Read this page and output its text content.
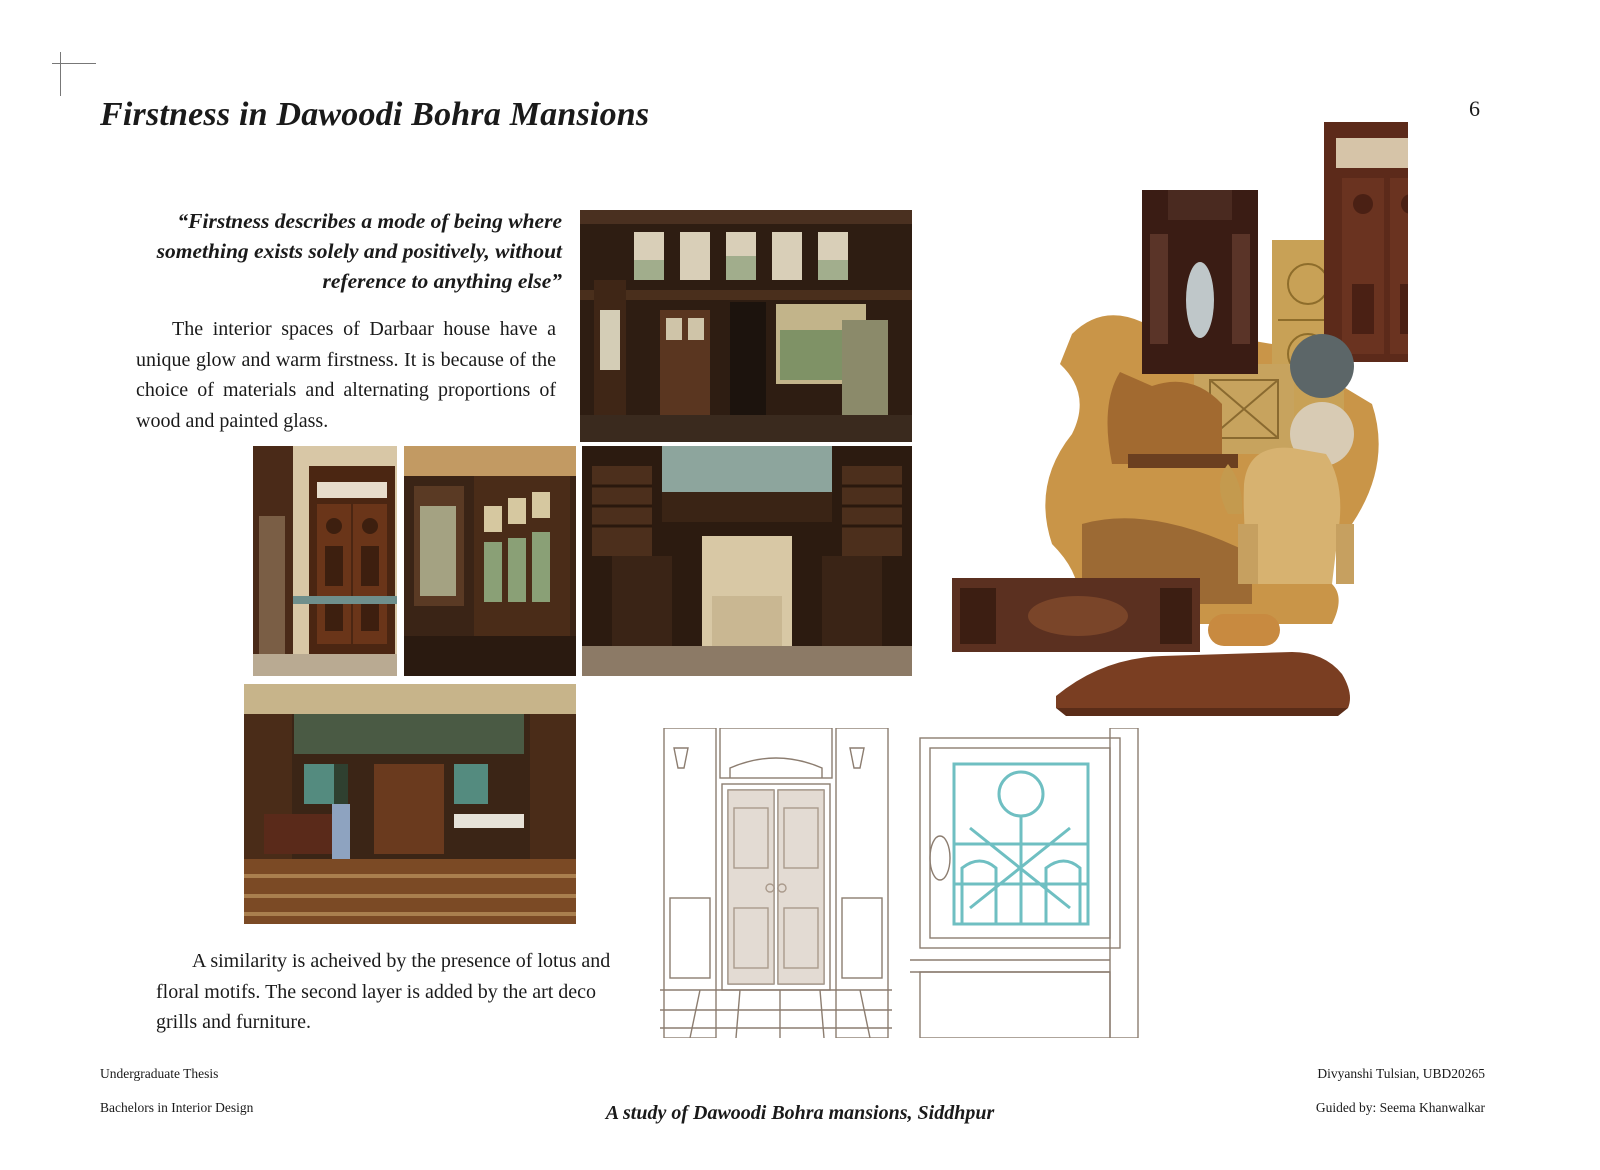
6
Firstness in Dawoodi Bohra Mansions
“Firstness describes a mode of being where something exists solely and positively, without reference to anything else”
The interior spaces of Darbaar house have a unique glow and warm firstness. It is because of the choice of materials and alternating proportions of wood and painted glass.
A similarity is acheived by the presence of lotus and floral motifs. The second layer is added by the art deco grills and furniture.
Undergraduate Thesis
Bachelors in Interior Design	A study of Dawoodi Bohra mansions, Siddhpur
Divyanshi Tulsian, UBD20265
Guided by: Seema Khanwalkar
